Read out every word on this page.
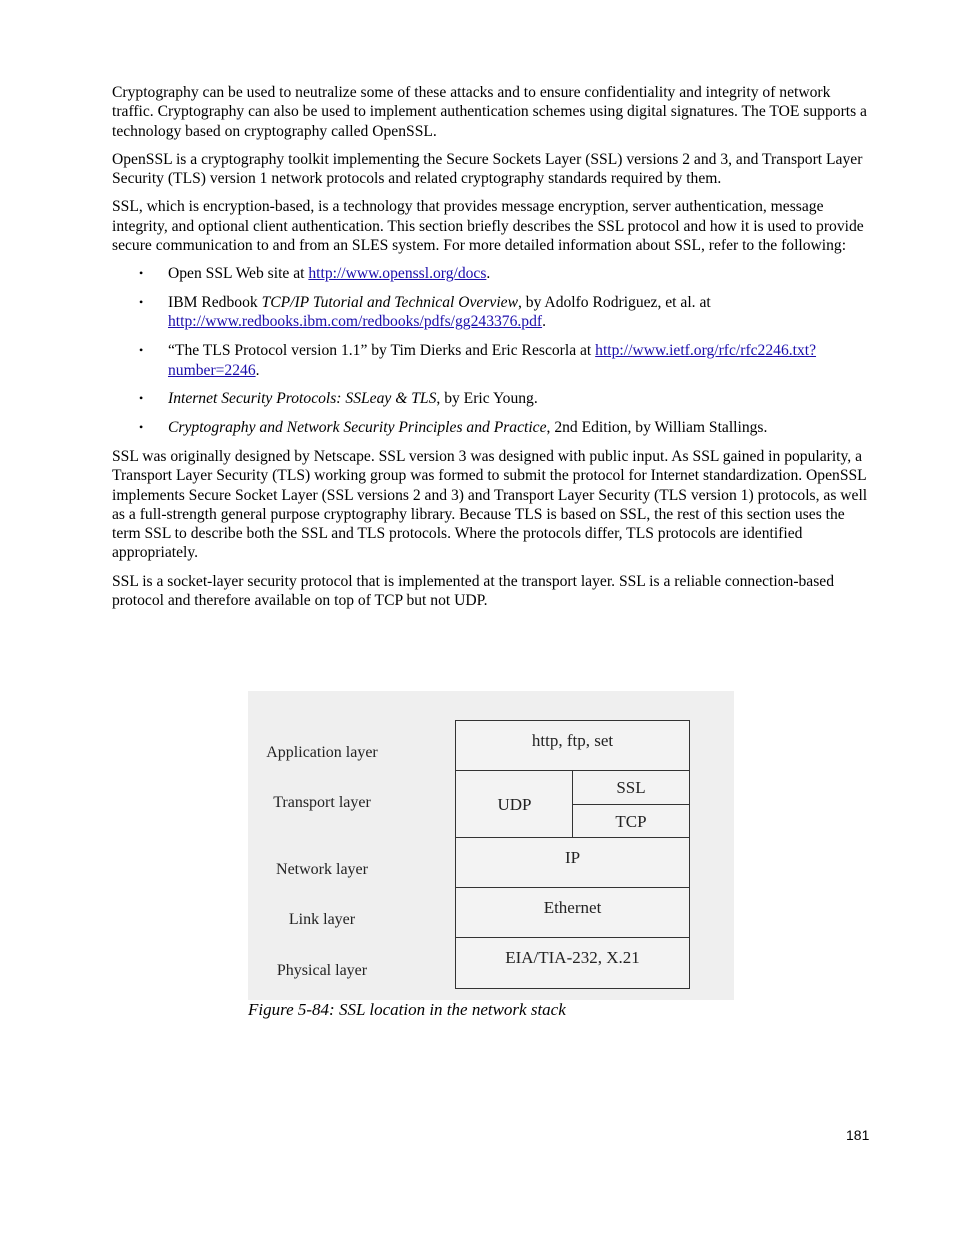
Cryptography can be used to neutralize some of these attacks and to ensure confidentiality and integrity of network traffic. Cryptography can also be used to implement authentication schemes using digital signatures. The TOE supports a technology based on cryptography called OpenSSL.

OpenSSL is a cryptography toolkit implementing the Secure Sockets Layer (SSL) versions 2 and 3, and Transport Layer Security (TLS) version 1 network protocols and related cryptography standards required by them.

SSL, which is encryption-based, is a technology that provides message encryption, server authentication, message integrity, and optional client authentication. This section briefly describes the SSL protocol and how it is used to provide secure communication to and from an SLES system. For more detailed information about SSL, refer to the following:

• Open SSL Web site at http://www.openssl.org/docs.
• IBM Redbook TCP/IP Tutorial and Technical Overview, by Adolfo Rodriguez, et al. at http://www.redbooks.ibm.com/redbooks/pdfs/gg243376.pdf.
• “The TLS Protocol version 1.1” by Tim Dierks and Eric Rescorla at http://www.ietf.org/rfc/rfc2246.txt?number=2246.
• Internet Security Protocols: SSLeay & TLS, by Eric Young.
• Cryptography and Network Security Principles and Practice, 2nd Edition, by William Stallings.

SSL was originally designed by Netscape. SSL version 3 was designed with public input. As SSL gained in popularity, a Transport Layer Security (TLS) working group was formed to submit the protocol for Internet standardization. OpenSSL implements Secure Socket Layer (SSL versions 2 and 3) and Transport Layer Security (TLS version 1) protocols, as well as a full-strength general purpose cryptography library. Because TLS is based on SSL, the rest of this section uses the term SSL to describe both the SSL and TLS protocols. Where the protocols differ, TLS protocols are identified appropriately.

SSL is a socket-layer security protocol that is implemented at the transport layer. SSL is a reliable connection-based protocol and therefore available on top of TCP but not UDP.

Application layer
Transport layer
Network layer
Link layer
Physical layer
http, ftp, set
UDP
SSL
TCP
IP
Ethernet
EIA/TIA-232, X.21
Figure 5-84: SSL location in the network stack
181
